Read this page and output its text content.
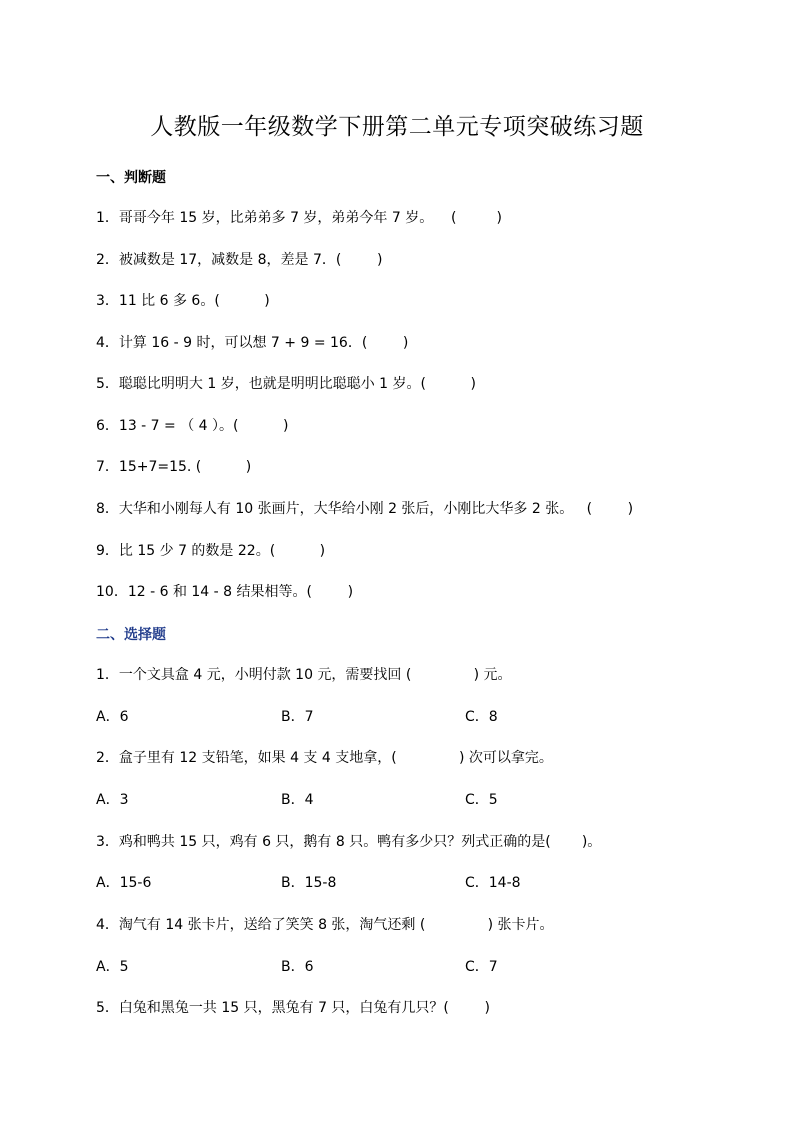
人教版一年级数学下册第二单元专项突破练习题
一、判断题
1．哥哥今年 15 岁，比弟弟多 7 岁，弟弟今年 7 岁。    (         )
2．被减数是 17，减数是 8，差是 7．(        )
3．11 比 6 多 6。(          )
4．计算 16 - 9 时，可以想 7 + 9 = 16．(        )
5．聪聪比明明大 1 岁，也就是明明比聪聪小 1 岁。(          )
6．13 - 7 = （ 4 ）。(          )
7．15+7=15. (          )
8．大华和小刚每人有 10 张画片，大华给小刚 2 张后，小刚比大华多 2 张。   (        )
9．比 15 少 7 的数是 22。(          )
10．12 - 6 和 14 - 8 结果相等。(        )
二、选择题
1．一个文具盒 4 元，小明付款 10 元，需要找回 (              ) 元。
A．6	B．7	C．8
2．盒子里有 12 支铅笔，如果 4 支 4 支地拿，(              ) 次可以拿完。
A．3	B．4	C．5
3．鸡和鸭共 15 只，鸡有 6 只，鹅有 8 只。鸭有多少只？列式正确的是(       )。
A．15-6	B．15-8	C．14-8
4．淘气有 14 张卡片，送给了笑笑 8 张，淘气还剩 (              ) 张卡片。
A．5	B．6	C．7
5．白兔和黑兔一共 15 只，黑兔有 7 只，白兔有几只？(        )
